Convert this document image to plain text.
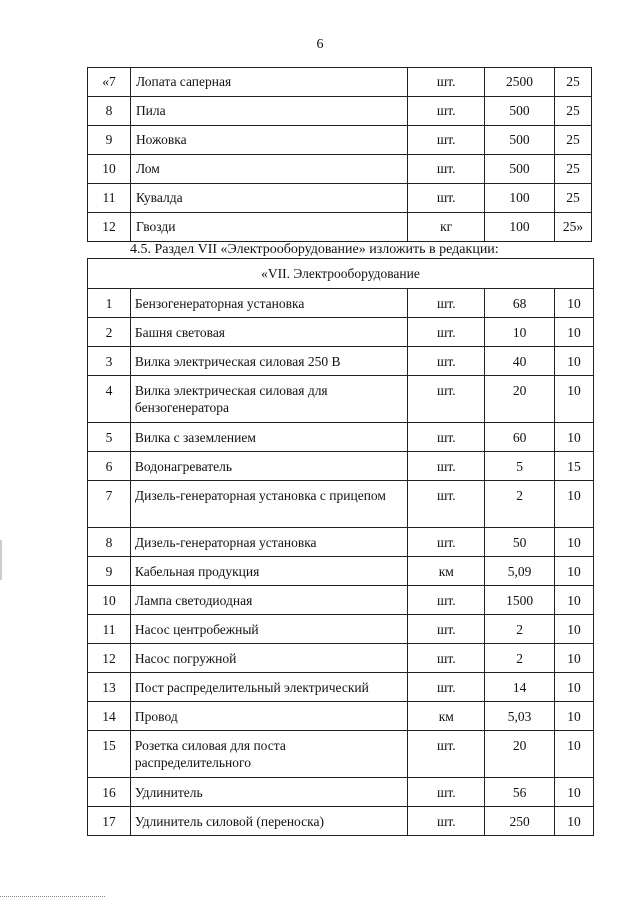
6
«7	Лопата саперная	шт.	2500	25
8	Пила	шт.	500	25
9	Ножовка	шт.	500	25
10	Лом	шт.	500	25
11	Кувалда	шт.	100	25
12	Гвозди	кг	100	25»
4.5. Раздел VII «Электрооборудование» изложить в редакции:
«VII. Электрооборудование				
1	Бензогенераторная установка	шт.	68	10
2	Башня световая	шт.	10	10
3	Вилка электрическая силовая 250 В	шт.	40	10
4	Вилка электрическая силовая для бензогенератора	шт.	20	10
5	Вилка с заземлением	шт.	60	10
6	Водонагреватель	шт.	5	15
7	Дизель-генераторная установка с прицепом	шт.	2	10
8	Дизель-генераторная установка	шт.	50	10
9	Кабельная продукция	км	5,09	10
10	Лампа светодиодная	шт.	1500	10
11	Насос центробежный	шт.	2	10
12	Насос погружной	шт.	2	10
13	Пост распределительный электрический	шт.	14	10
14	Провод	км	5,03	10
15	Розетка силовая для поста распределительного	шт.	20	10
16	Удлинитель	шт.	56	10
17	Удлинитель силовой (переноска)	шт.	250	10
